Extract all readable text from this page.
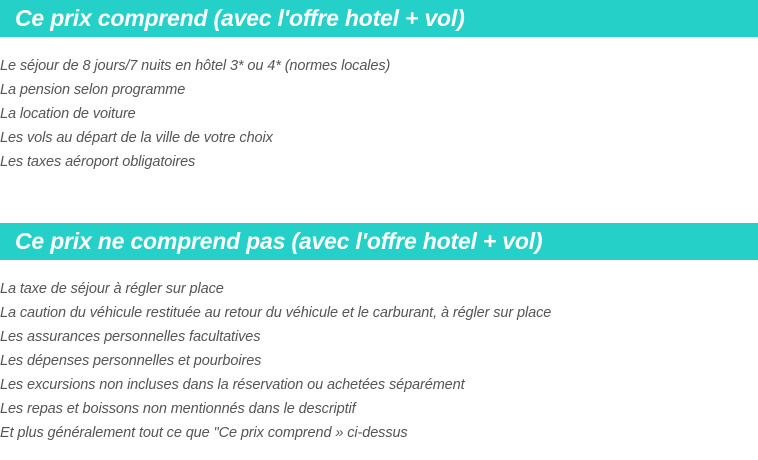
Ce prix comprend (avec l'offre hotel + vol)
Le séjour de 8 jours/7 nuits en hôtel 3* ou 4* (normes locales)
La pension selon programme
La location de voiture
Les vols au départ de la ville de votre choix
Les taxes aéroport obligatoires
Ce prix ne comprend pas (avec l'offre hotel + vol)
La taxe de séjour à régler sur place
La caution du véhicule restituée au retour du véhicule et le carburant, à régler sur place
Les assurances personnelles facultatives
Les dépenses personnelles et pourboires
Les excursions non incluses dans la réservation ou achetées séparément
Les repas et boissons non mentionnés dans le descriptif
Et plus généralement tout ce que "Ce prix comprend » ci-dessus
